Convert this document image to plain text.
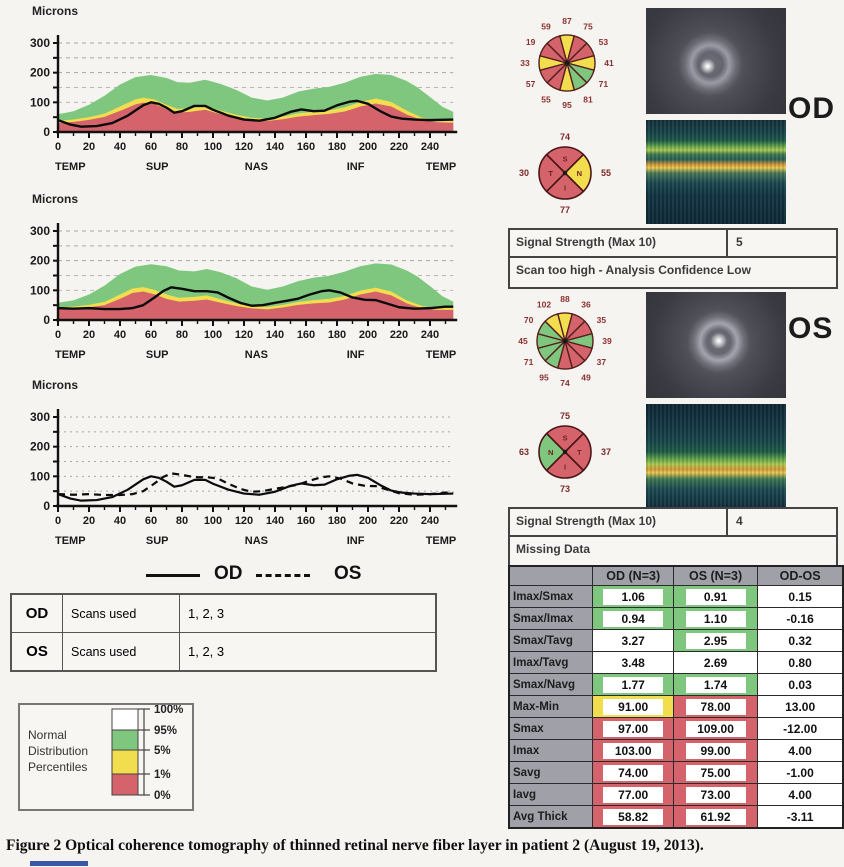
Microns
0
100
200
300
0 20 40 60 80 100 120 140 160 180 200 220 240
TEMP	SUP	NAS	INF	TEMP
Microns
0
100
200
300
0 20 40 60 80 100 120 140 160 180 200 220 240
TEMP	SUP	NAS	INF	TEMP
Microns
0
100
200
300
0 20 40 60 80 100 120 140 160 180 200 220 240
TEMP	SUP	NAS	INF	TEMP
OD	OS
OD	Scans used	1, 2, 3
OS	Scans used	1, 2, 3
Normal
Distribution
Percentiles
100%
95%
5%
1%
0%
87
75
53
41
71
81
95
55
57
33
19
59
S
74
N 55
I
77
T
30
OD
Signal Strength (Max 10)	5
Scan too high - Analysis Confidence Low
88
36
35
39
37
49
74
95
71
45
70
102
S
75
T 37
I
73
N
63
OS
Signal Strength (Max 10)	4
Missing Data
	OD (N=3)	OS (N=3)	OD-OS
Imax/Smax	1.06	0.91	0.15
Smax/Imax	0.94	1.10	-0.16
Smax/Tavg	3.27	2.95	0.32
Imax/Tavg	3.48	2.69	0.80
Smax/Navg	1.77	1.74	0.03
Max-Min	91.00	78.00	13.00
Smax	97.00	109.00	-12.00
Imax	103.00	99.00	4.00
Savg	74.00	75.00	-1.00
Iavg	77.00	73.00	4.00
Avg Thick	58.82	61.92	-3.11
Figure 2 Optical coherence tomography of thinned retinal nerve fiber layer in patient 2 (August 19, 2013).
